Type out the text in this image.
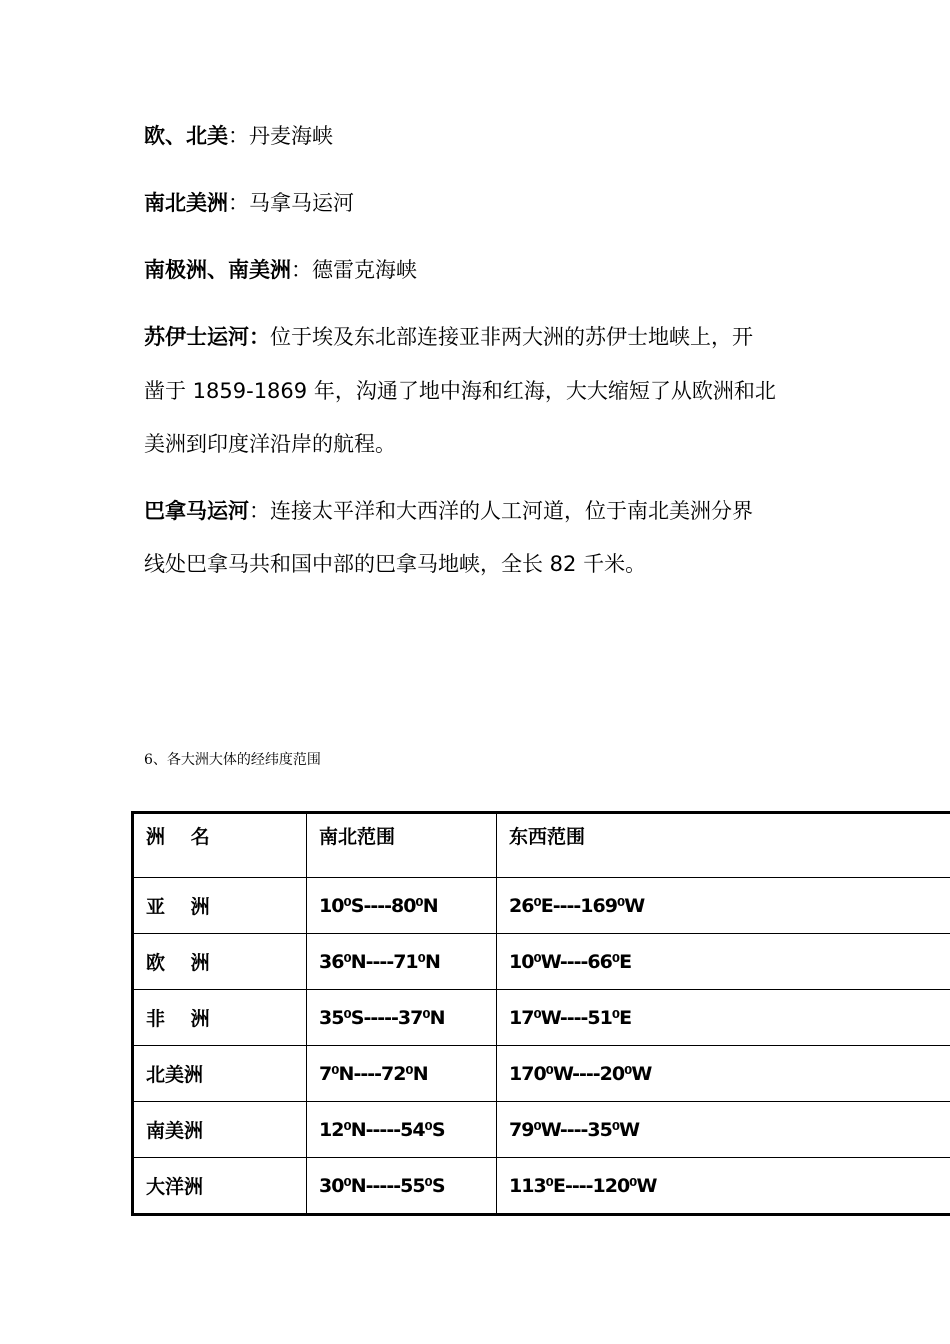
欧、北美：丹麦海峡
南北美洲：马拿马运河
南极洲、南美洲：德雷克海峡
苏伊士运河：位于埃及东北部连接亚非两大洲的苏伊士地峡上，开
凿于 1859-1869 年，沟通了地中海和红海，大大缩短了从欧洲和北
美洲到印度洋沿岸的航程。
巴拿马运河：连接太平洋和大西洋的人工河道，位于南北美洲分界
线处巴拿马共和国中部的巴拿马地峡，全长 82 千米。
6、各大洲大体的经纬度范围
洲　 名	南北范围	东西范围
亚　 洲	10⁰S----80⁰N	26⁰E----169⁰W
欧　 洲	36⁰N----71⁰N	10⁰W----66⁰E
非　 洲	35⁰S-----37⁰N	17⁰W----51⁰E
北美洲	7⁰N----72⁰N	170⁰W----20⁰W
南美洲	12⁰N-----54⁰S	79⁰W----35⁰W
大洋洲	30⁰N-----55⁰S	113⁰E----120⁰W
